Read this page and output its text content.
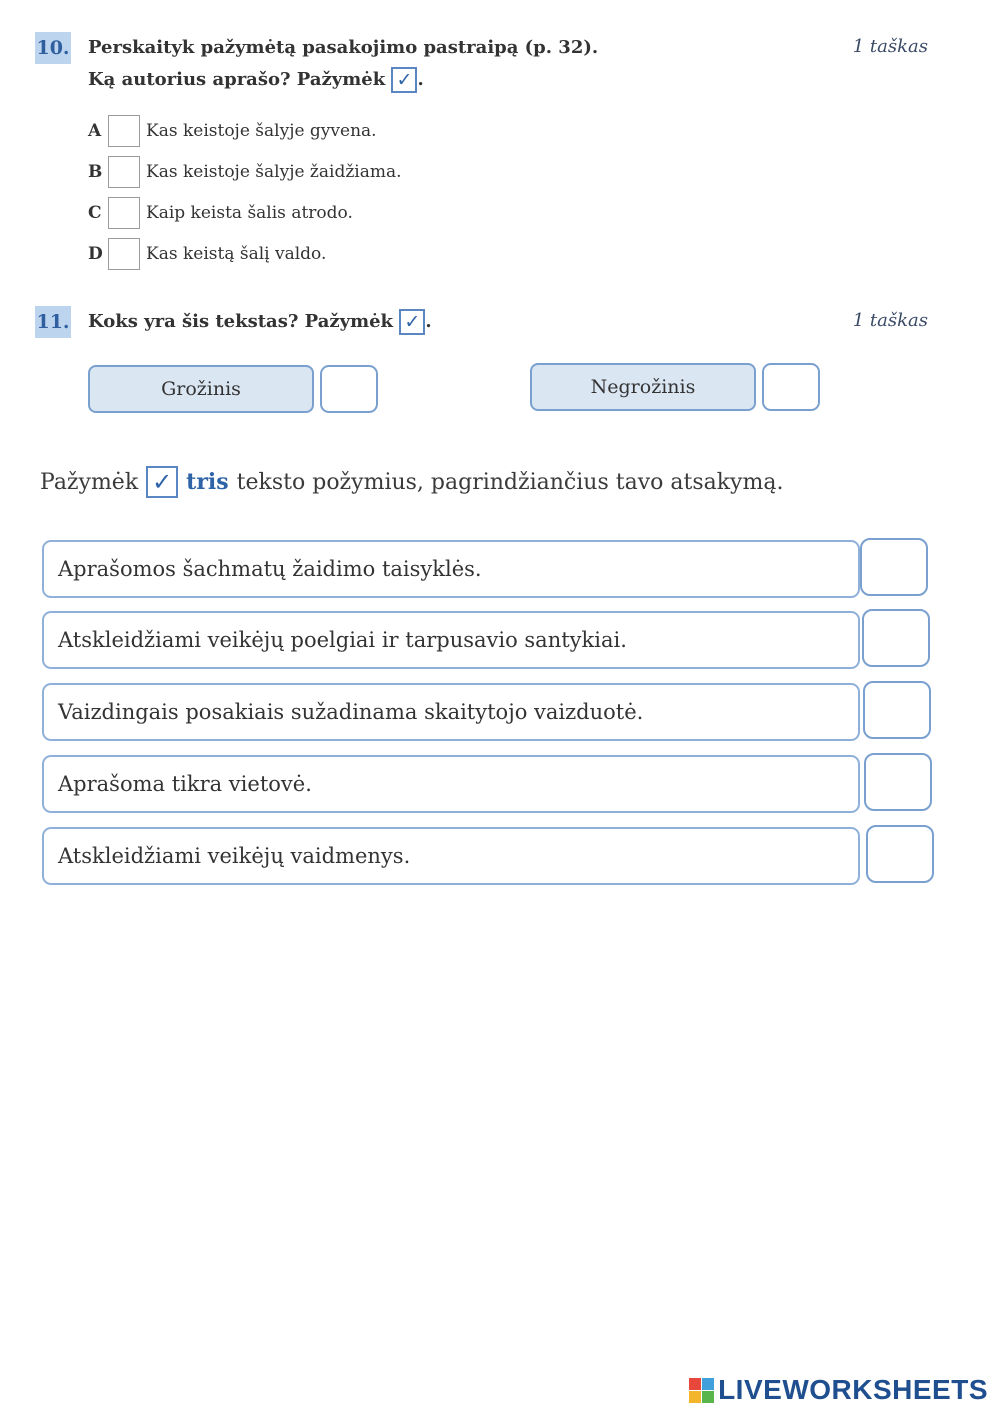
10. Perskaityk pažymėtą pasakojimo pastraipą (p. 32).
Ką autorius aprašo? Pažymėk ✓ .
1 taškas
A	Kas keistoje šalyje gyvena.
B	Kas keistoje šalyje žaidžiama.
C	Kaip keista šalis atrodo.
D	Kas keistą šalį valdo.
11. Koks yra šis tekstas? Pažymėk ✓ .	1 taškas
Grožinis	Negrožinis
Pažymėk ✓ tris teksto požymius, pagrindžiančius tavo atsakymą.
Aprašomos šachmatų žaidimo taisyklės.
Atskleidžiami veikėjų poelgiai ir tarpusavio santykiai.
Vaizdingais posakiais sužadinama skaitytojo vaizduotė.
Aprašoma tikra vietovė.
Atskleidžiami veikėjų vaidmenys.
LIVEWORKSHEETS
